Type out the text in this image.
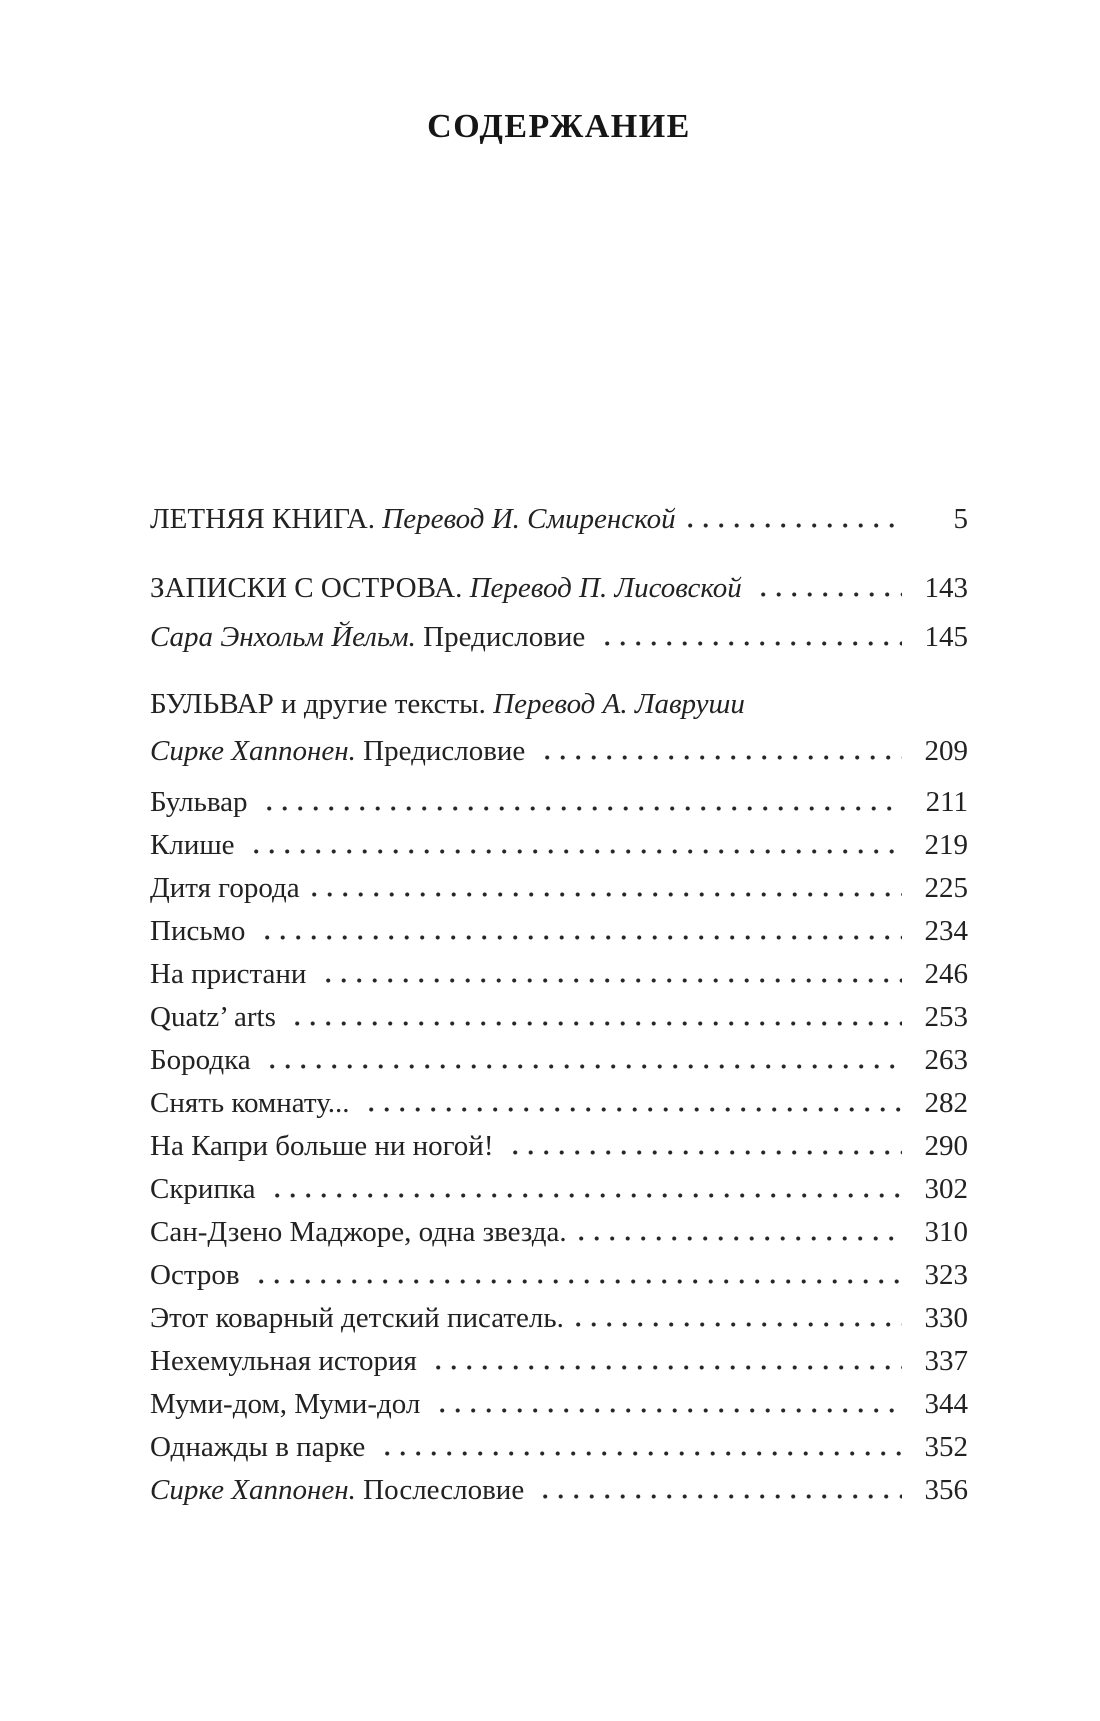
СОДЕРЖАНИЕ
ЛЕТНЯЯ КНИГА. Перевод И. Смиренской	5
ЗАПИСКИ С ОСТРОВА. Перевод П. Лисовской	143
Сара Энхольм Йельм. Предисловие	145
БУЛЬВАР и другие тексты. Перевод А. Лавруши
Сирке Хаппонен. Предисловие	209
Бульвар	211
Клише	219
Дитя города	225
Письмо	234
На пристани	246
Quatz’ arts	253
Бородка	263
Снять комнату...	282
На Капри больше ни ногой!	290
Скрипка	302
Сан-Дзено Маджоре, одна звезда.	310
Остров	323
Этот коварный детский писатель.	330
Нехемульная история	337
Муми-дом, Муми-дол	344
Однажды в парке	352
Сирке Хаппонен. Послесловие	356
